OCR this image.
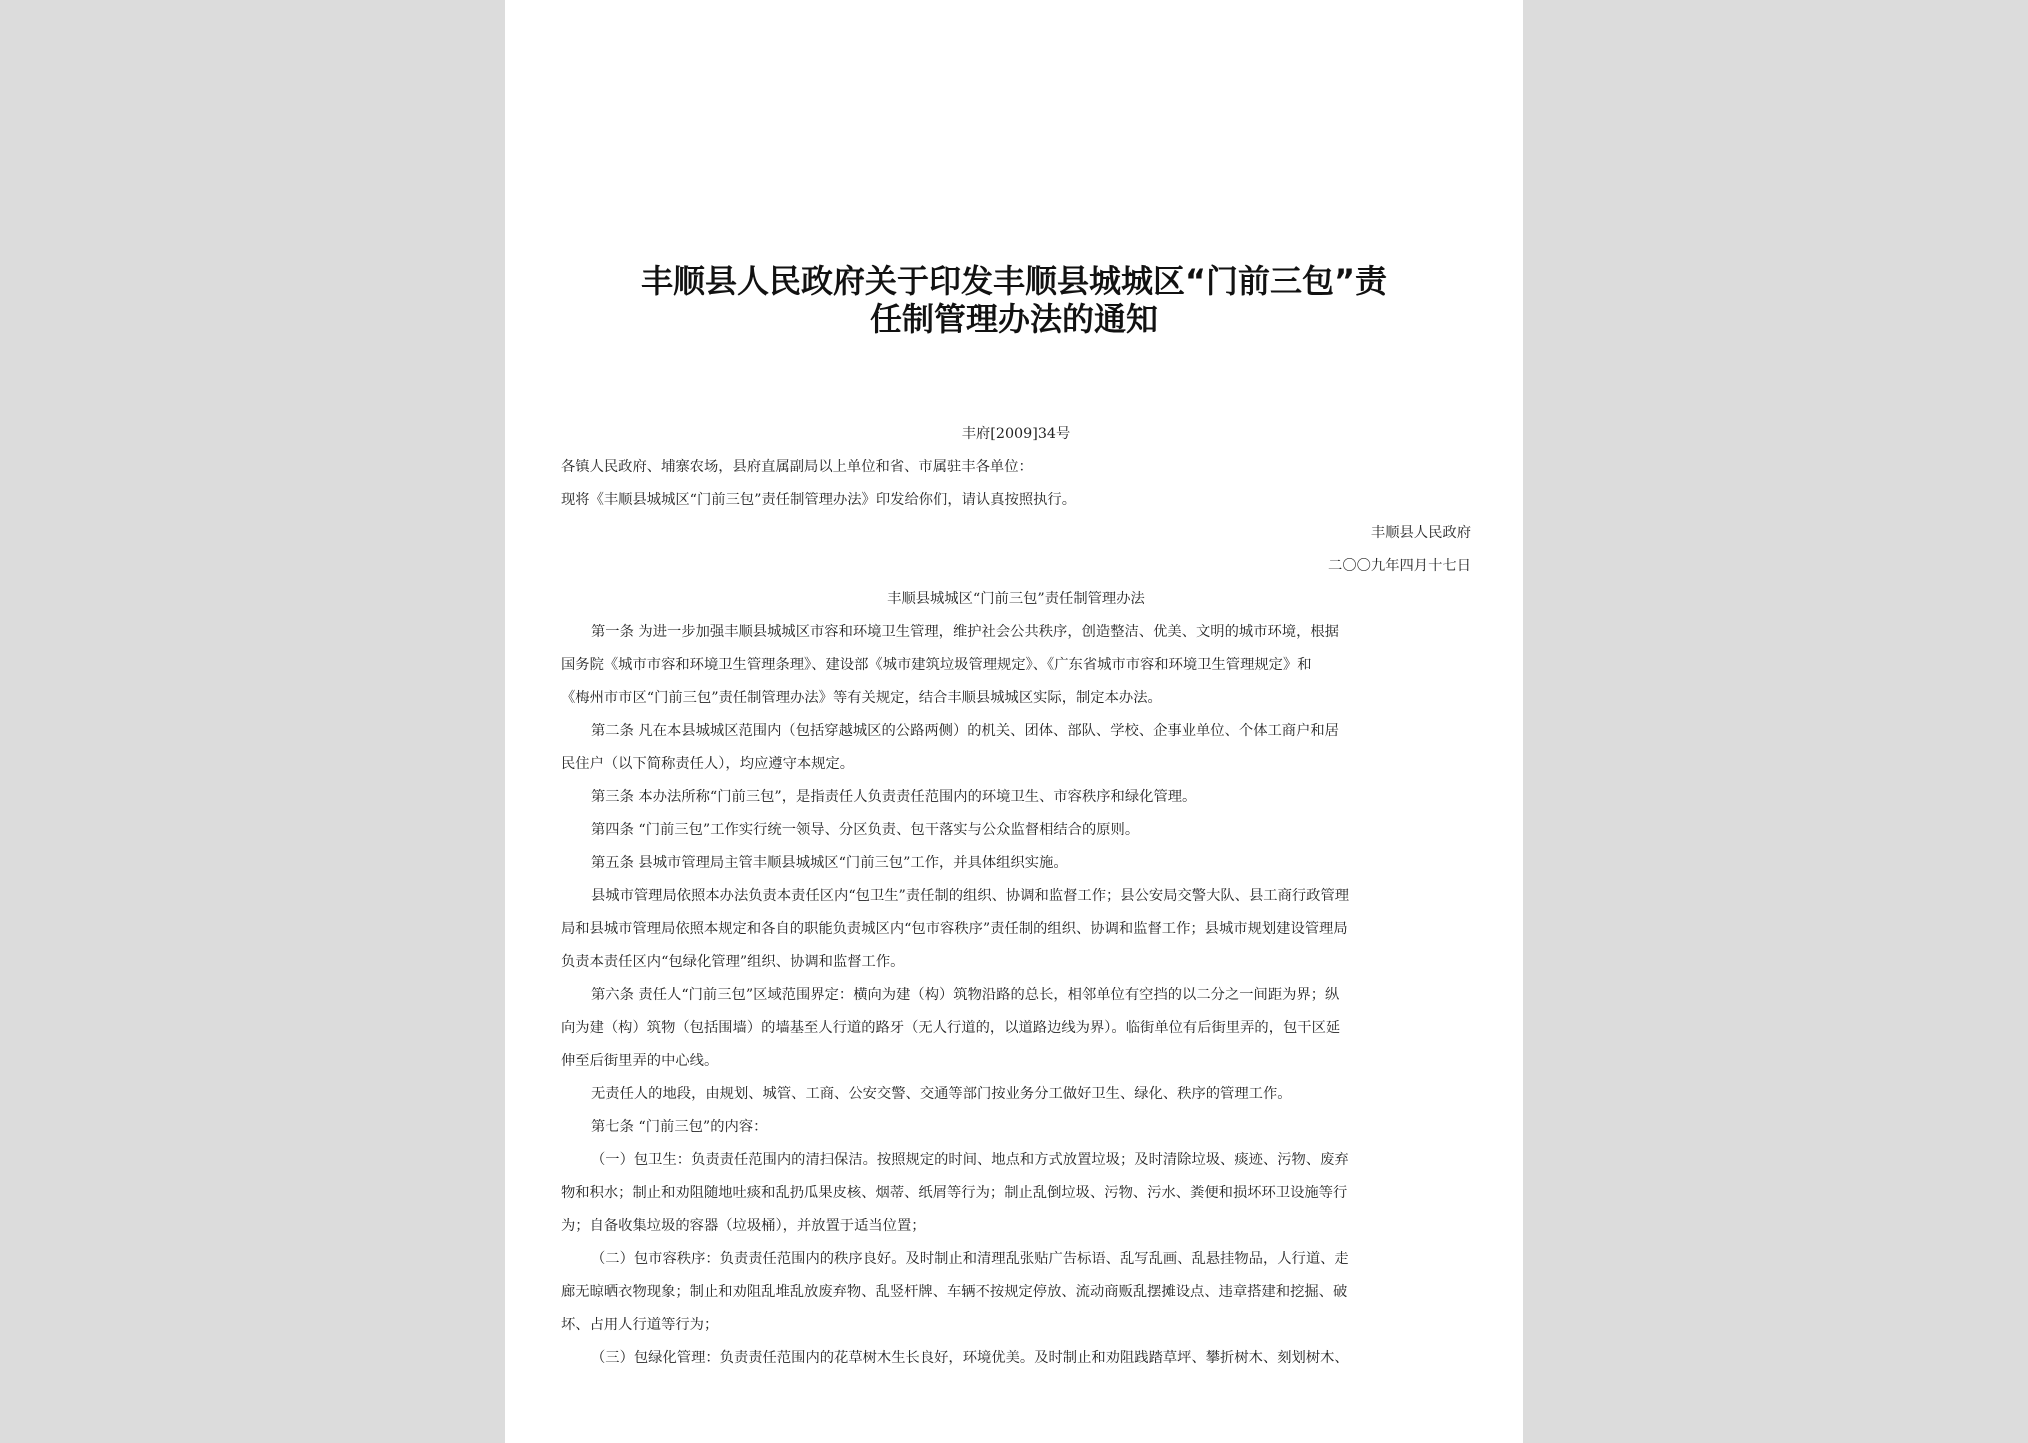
丰顺县人民政府关于印发丰顺县城城区“门前三包”责
任制管理办法的通知
丰府[2009]34号
各镇人民政府、埔寨农场，县府直属副局以上单位和省、市属驻丰各单位：
现将《丰顺县城城区“门前三包”责任制管理办法》印发给你们，请认真按照执行。
丰顺县人民政府
二〇〇九年四月十七日
丰顺县城城区“门前三包”责任制管理办法
第一条 为进一步加强丰顺县城城区市容和环境卫生管理，维护社会公共秩序，创造整洁、优美、文明的城市环境，根据
国务院《城市市容和环境卫生管理条理》、建设部《城市建筑垃圾管理规定》、《广东省城市市容和环境卫生管理规定》和
《梅州市市区“门前三包”责任制管理办法》等有关规定，结合丰顺县城城区实际，制定本办法。
第二条 凡在本县城城区范围内（包括穿越城区的公路两侧）的机关、团体、部队、学校、企事业单位、个体工商户和居
民住户（以下简称责任人），均应遵守本规定。
第三条 本办法所称“门前三包”，是指责任人负责责任范围内的环境卫生、市容秩序和绿化管理。
第四条 “门前三包”工作实行统一领导、分区负责、包干落实与公众监督相结合的原则。
第五条 县城市管理局主管丰顺县城城区“门前三包”工作，并具体组织实施。
县城市管理局依照本办法负责本责任区内“包卫生”责任制的组织、协调和监督工作；县公安局交警大队、县工商行政管理
局和县城市管理局依照本规定和各自的职能负责城区内“包市容秩序”责任制的组织、协调和监督工作；县城市规划建设管理局
负责本责任区内“包绿化管理”组织、协调和监督工作。
第六条 责任人“门前三包”区域范围界定：横向为建（构）筑物沿路的总长，相邻单位有空挡的以二分之一间距为界；纵
向为建（构）筑物（包括围墙）的墙基至人行道的路牙（无人行道的，以道路边线为界）。临街单位有后街里弄的，包干区延
伸至后街里弄的中心线。
无责任人的地段，由规划、城管、工商、公安交警、交通等部门按业务分工做好卫生、绿化、秩序的管理工作。
第七条 “门前三包”的内容：
（一）包卫生：负责责任范围内的清扫保洁。按照规定的时间、地点和方式放置垃圾；及时清除垃圾、痰迹、污物、废弃
物和积水；制止和劝阻随地吐痰和乱扔瓜果皮核、烟蒂、纸屑等行为；制止乱倒垃圾、污物、污水、粪便和损坏环卫设施等行
为；自备收集垃圾的容器（垃圾桶），并放置于适当位置；
（二）包市容秩序：负责责任范围内的秩序良好。及时制止和清理乱张贴广告标语、乱写乱画、乱悬挂物品，人行道、走
廊无晾晒衣物现象；制止和劝阻乱堆乱放废弃物、乱竖杆牌、车辆不按规定停放、流动商贩乱摆摊设点、违章搭建和挖掘、破
坏、占用人行道等行为；
（三）包绿化管理：负责责任范围内的花草树木生长良好，环境优美。及时制止和劝阻践踏草坪、攀折树木、刻划树木、
